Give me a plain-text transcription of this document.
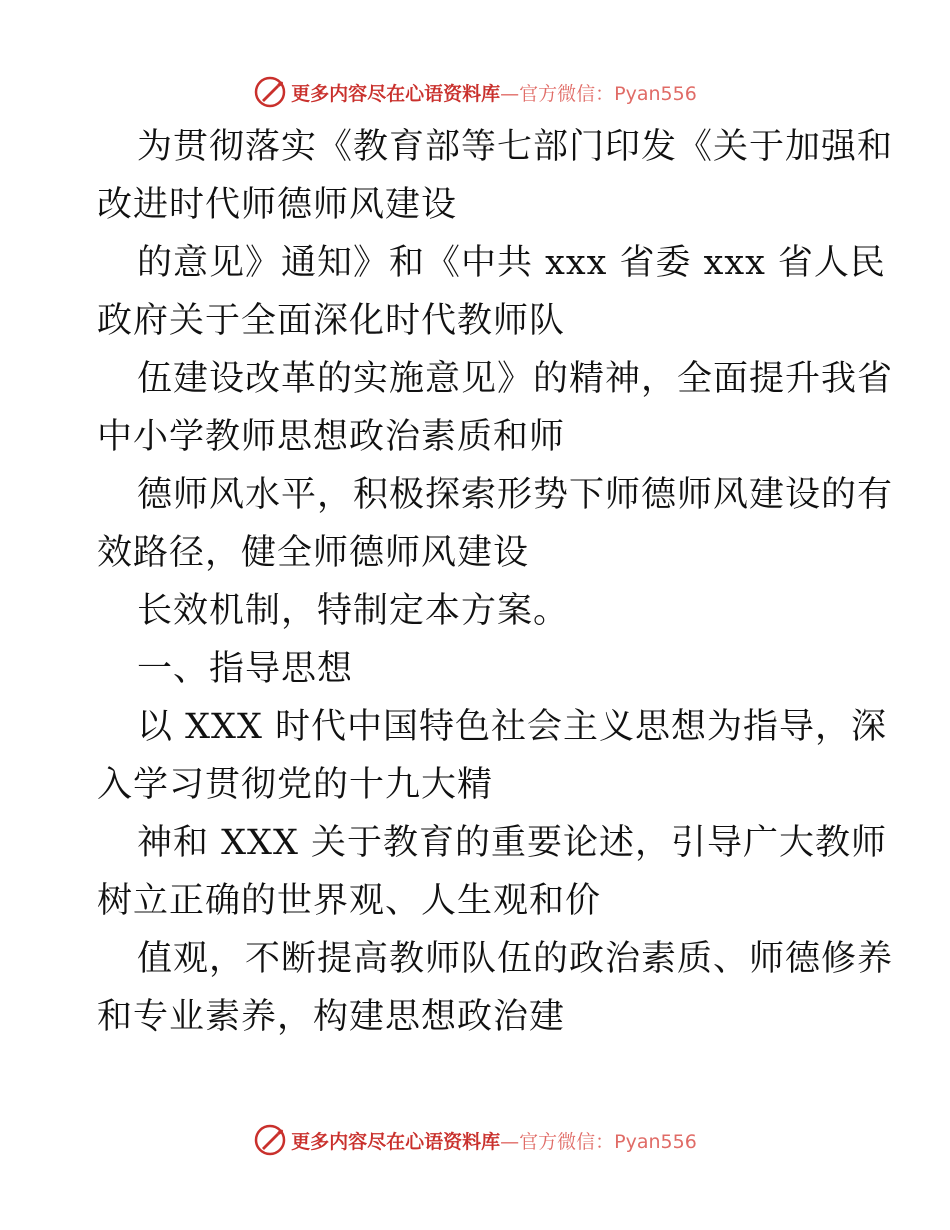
更多内容尽在心语资料库—官方微信：Pyan556
为贯彻落实《教育部等七部门印发《关于加强和
改进时代师德师风建设
的意见》通知》和《中共 xxx 省委 xxx 省人民
政府关于全面深化时代教师队
伍建设改革的实施意见》的精神，全面提升我省
中小学教师思想政治素质和师
德师风水平，积极探索形势下师德师风建设的有
效路径，健全师德师风建设
长效机制，特制定本方案。
一、指导思想
以 XXX 时代中国特色社会主义思想为指导，深
入学习贯彻党的十九大精
神和 XXX 关于教育的重要论述，引导广大教师
树立正确的世界观、人生观和价
值观，不断提高教师队伍的政治素质、师德修养
和专业素养，构建思想政治建
更多内容尽在心语资料库—官方微信：Pyan556
